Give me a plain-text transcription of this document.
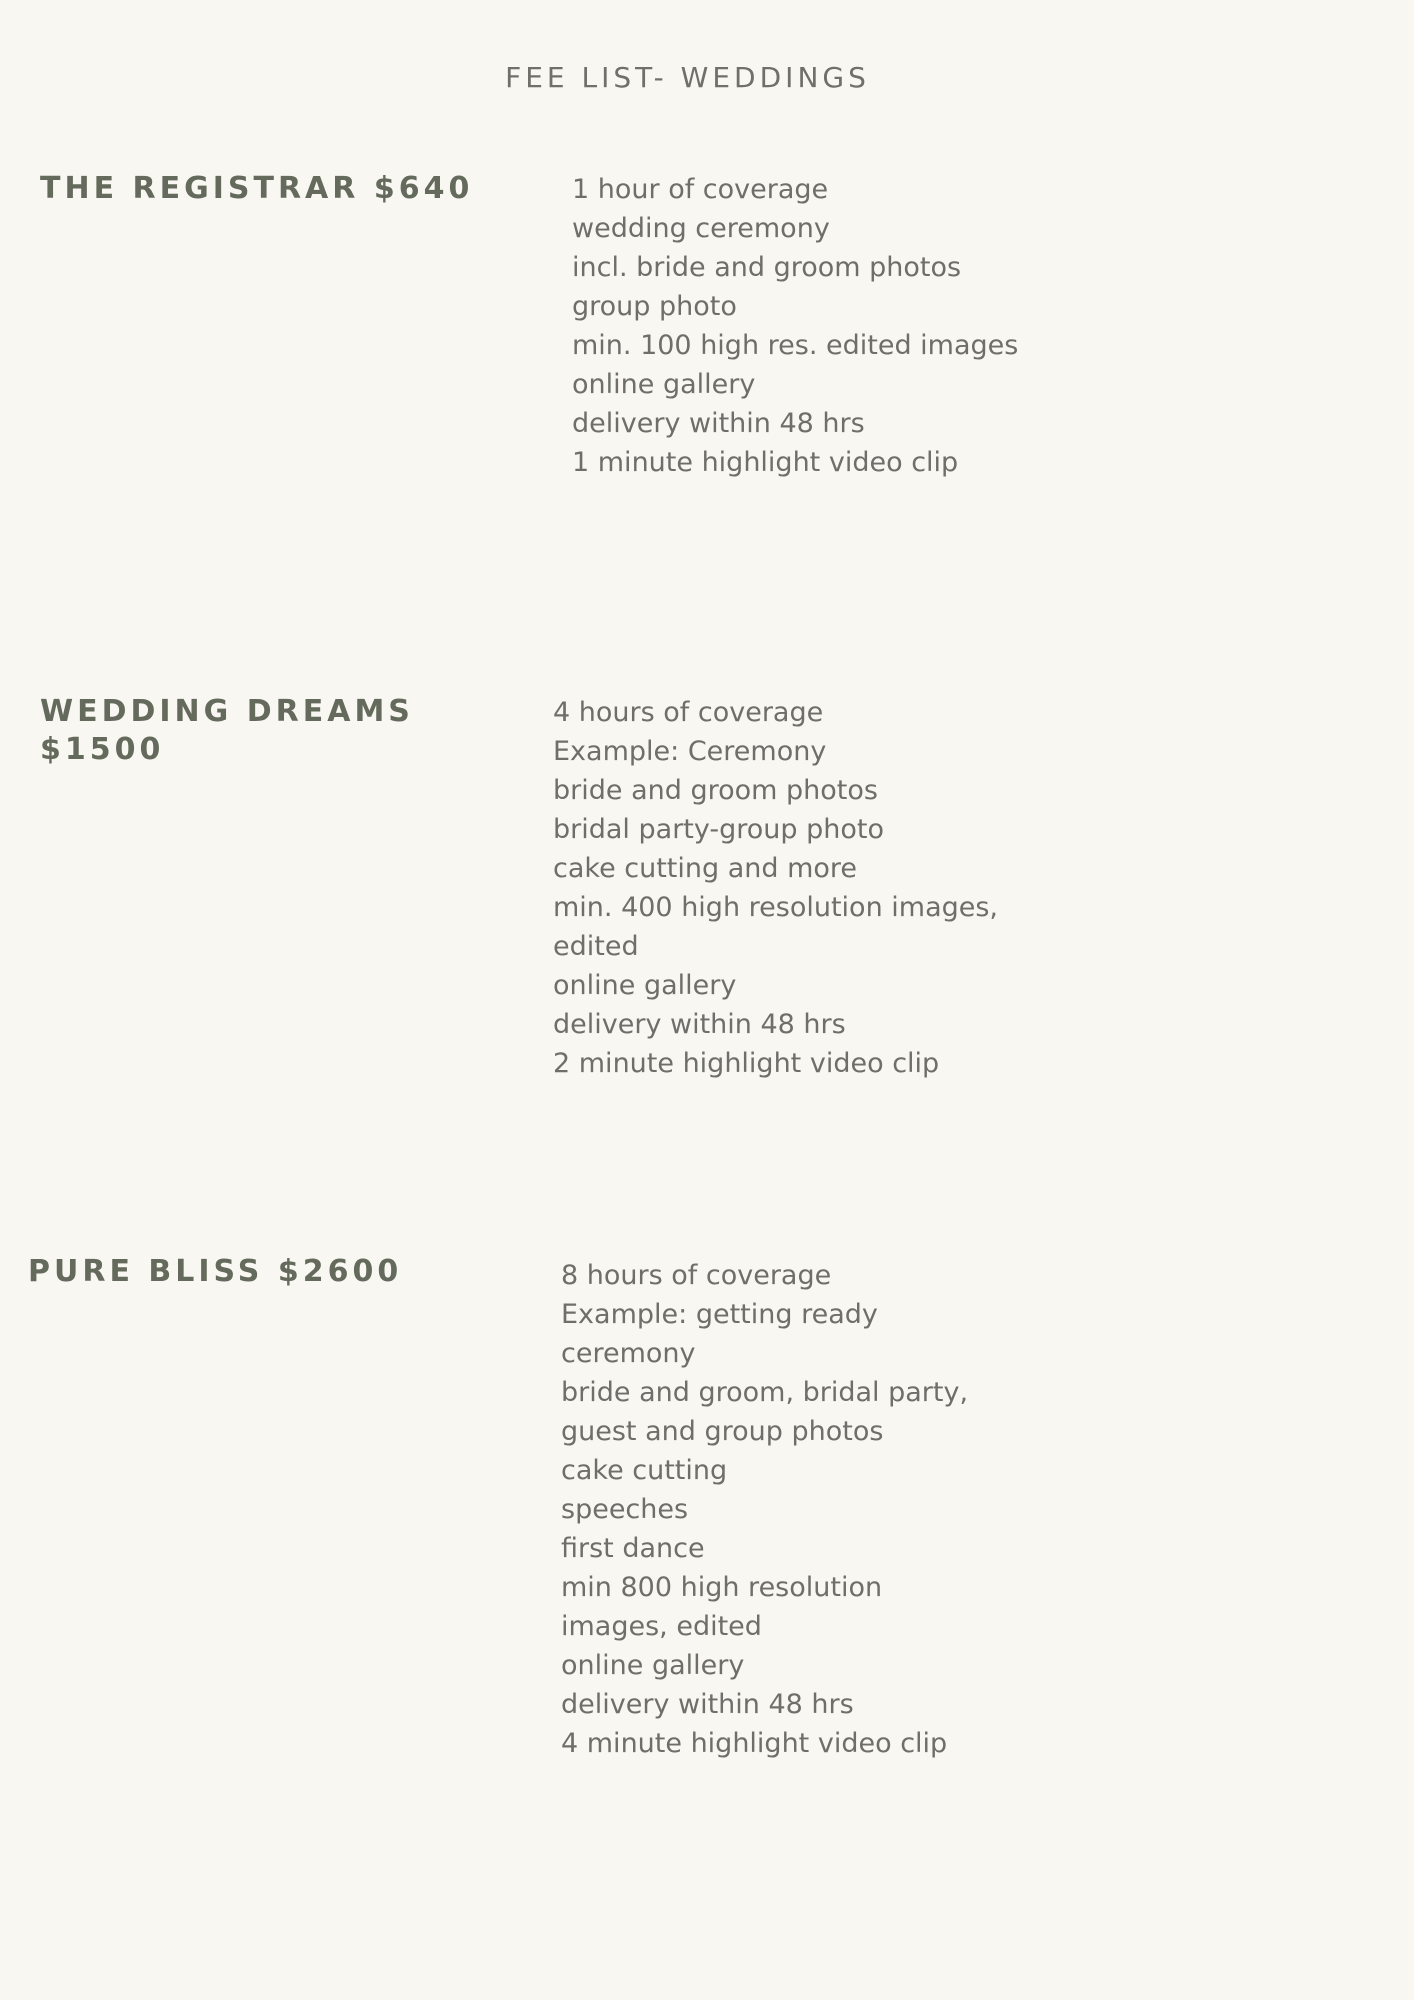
FEE LIST- WEDDINGS
THE REGISTRAR $640	1 hour of coverage
wedding ceremony
incl. bride and groom photos
group photo
min. 100 high res. edited images
online gallery
delivery within 48 hrs
1 minute highlight video clip
WEDDING DREAMS
$1500
4 hours of coverage
Example: Ceremony
bride and groom photos
bridal party-group photo
cake cutting and more
min. 400 high resolution images,
edited
online gallery
delivery within 48 hrs
2 minute highlight video clip
PURE BLISS $2600	8 hours of coverage
Example: getting ready
ceremony
bride and groom, bridal party,
guest and group photos
cake cutting
speeches
first dance
min 800 high resolution
images, edited
online gallery
delivery within 48 hrs
4 minute highlight video clip
